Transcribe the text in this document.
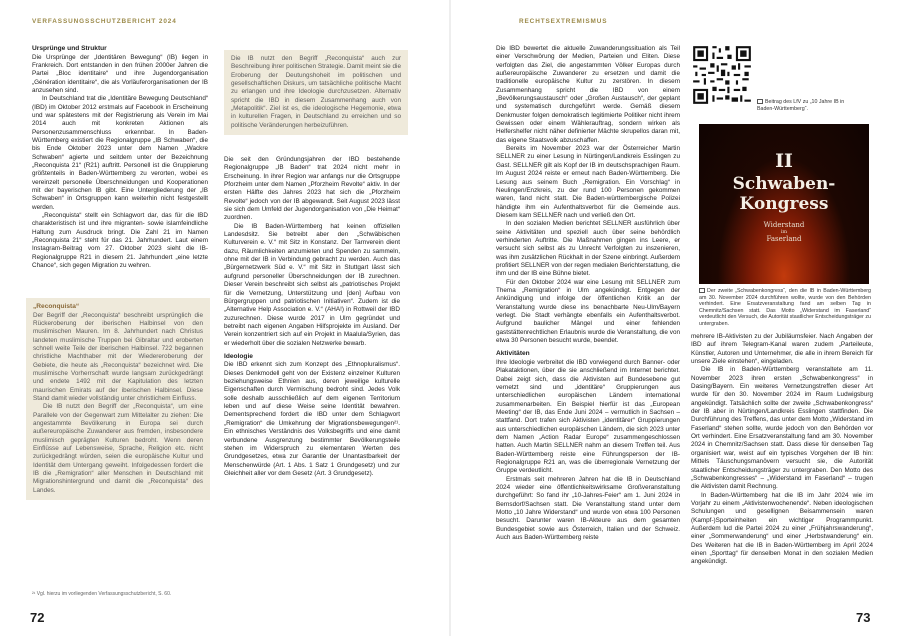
VERFASSUNGSSCHUTZBERICHT 2024
Ursprünge und Struktur

Die Ursprünge der „Identitären Bewegung“ (IB) liegen in Frankreich. Dort entstanden in den frühen 2000er Jahren die Partei „Bloc identitaire“ und ihre Jugendorganisation „Génération identitaire“, die als Vorläuferorganisationen der IB anzusehen sind.

In Deutschland trat die „Identitäre Bewegung Deutschland“ (IBD) im Oktober 2012 erstmals auf Facebook in Erscheinung und war spätestens mit der Registrierung als Verein im Mai 2014 auch mit konkreten Aktionen als Personenzusammenschluss erkennbar. In Baden-Württemberg existiert die Regionalgruppe „IB Schwaben“, die bis Ende Oktober 2023 unter dem Namen „Wackre Schwaben“ agierte und seitdem unter der Bezeichnung „Reconquista 21“ (R21) auftritt. Personell ist die Gruppierung größtenteils in Baden-Württemberg zu verorten, wobei es vereinzelt personelle Überschneidungen und Kooperationen mit der bayerischen IB gibt. Eine Untergliederung der „IB Schwaben“ in Ortsgruppen kann weiterhin nicht festgestellt werden.

„Reconquista“ stellt ein Schlagwort dar, das für die IBD charakteristisch ist und ihre migranten- sowie islamfeindliche Haltung zum Ausdruck bringt. Die Zahl 21 im Namen „Reconquista 21“ steht für das 21. Jahrhundert. Laut einem Instagram-Beitrag vom 27. Oktober 2023 sieht die IB-Regionalgruppe R21 in diesem 21. Jahrhundert „eine letzte Chance“, sich gegen Migration zu wehren.

„Reconquista“

Der Begriff der „Reconquista“ beschreibt ursprünglich die Rückeroberung der iberischen Halbinsel von den muslimischen Mauren. Im 8. Jahrhundert nach Christus landeten muslimische Truppen bei Gibraltar und eroberten schnell weite Teile der iberischen Halbinsel. 722 begannen christliche Machthaber mit der Wiedereroberung der Gebiete, die heute als „Reconquista“ bezeichnet wird. Die muslimische Vorherrschaft wurde langsam zurückgedrängt und endete 1492 mit der Kapitulation des letzten maurischen Emirats auf der iberischen Halbinsel. Diese Stand damit wieder vollständig unter christlichem Einfluss.

Die IB nutzt den Begriff der „Reconquista“, um eine Parallele von der Gegenwart zum Mittelalter zu ziehen: Die angestammte Bevölkerung in Europa sei durch außereuropäische Zuwanderer aus fremden, insbesondere muslimisch geprägten Kulturen bedroht. Wenn deren Einflüsse auf Lebensweise, Sprache, Religion etc. nicht zurückgedrängt würden, seien die europäische Kultur und Identität dem Untergang geweiht. Infolgedessen fordert die IB die „Remigration“ aller Menschen in Deutschland mit Migrationshintergrund und damit die „Reconquista“ des Landes.

Die IB nutzt den Begriff „Reconquista“ auch zur Beschreibung ihrer politischen Strategie. Damit meint sie die Eroberung der Deutungshoheit im politischen und gesellschaftlichen Diskurs, um tatsächliche politische Macht zu erlangen und ihre Ideologie durchzusetzen. Alternativ spricht die IBD in diesem Zusammenhang auch von „Metapolitik“. Ziel ist es, die ideologische Hegemonie, etwa in kulturellen Fragen, in Deutschland zu erreichen und so politische Veränderungen herbeizuführen.

Die seit den Gründungsjahren der IBD bestehende Regionalgruppe „IB Baden“ trat 2024 nicht mehr in Erscheinung. In ihrer Region war anfangs nur die Ortsgruppe Pforzheim unter dem Namen „Pforzheim Revolte“ aktiv. In der ersten Hälfte des Jahres 2023 hat sich die „Pforzheim Revolte“ jedoch von der IB abgewandt. Seit August 2023 lässt sie sich dem Umfeld der Jugendorganisation von „Die Heimat“ zuordnen.

Die IB Baden-Württemberg hat keinen offiziellen Landesdsitz. Sie betreibt aber den „Schwäbischen Kulturverein e. V.“ mit Sitz in Konstanz. Der Tarnverein dient dazu, Räumlichkeiten anzumieten und Spenden zu sammeln, ohne mit der IB in Verbindung gebracht zu werden. Auch das „Bürgernetzwerk Süd e. V.“ mit Sitz in Stuttgart lässt sich aufgrund personeller Überschneidungen der IB zurechnen. Dieser Verein beschreibt sich selbst als „patriotisches Projekt für die Vernetzung, Unterstützung und [den] Aufbau von Bürgergruppen und patriotischen Initiativen“. Zudem ist die „Alternative Help Association e. V.“ (AHA!) in Rottweil der IBD zuzurechnen. Diese wurde 2017 in Ulm gegründet und betreibt nach eigenen Angaben Hilfsprojekte im Ausland. Der Verein konzentriert sich auf ein Projekt in Maalula/Syrien, das er wiederholt über die sozialen Netzwerke bewarb.

Ideologie

Die IBD erkennt sich zum Konzept des „Ethnopluralismus“. Dieses Denkmodell geht von der Existenz einzelner Kulturen beziehungsweise Ethnien aus, deren jeweilige kulturelle Eigenschaften durch Vermischung bedroht sind. Jedes Volk solle deshalb ausschließlich auf dem eigenen Territorium leben und auf diese Weise seine Identität bewahren. Dementsprechend fordert die IBD unter dem Schlagwort „Remigration“ die Umkehrung der Migrationsbewegungen²¹. Ein ethnisches Verständnis des Volksbegriffs und eine damit verbundene Ausgrenzung bestimmter Bevölkerungsteile stehen im Widerspruch zu elementaren Werten des Grundgesetzes, etwa zur Garantie der Unantastbarkeit der Menschenwürde (Art. 1 Abs. 1 Satz 1 Grundgesetz) und zur Gleichheit aller vor dem Gesetz (Art. 3 Grundgesetz).

²¹ Vgl. hierzu im vorliegenden Verfassungsschutzbericht, S. 60.
72
RECHTSEXTREMISMUS

Die IBD bewertet die aktuelle Zuwanderungssituation als Teil einer Verschwörung der Medien, Parteien und Eliten. Diese verfolgten das Ziel, die angestammten Völker Europas durch außereuropäische Zuwanderer zu ersetzen und damit die traditionelle europäische Kultur zu zerstören. In diesem Zusammenhang spricht die IBD von einem „Bevölkerungsaustausch“ oder „Großen Austausch“, der geplant und systematisch durchgeführt werde. Gemäß diesem Denkmuster folgen demokratisch legitimierte Politiker nicht ihrem Gewissen oder einem Wählerauftrag, sondern wirken als Helfershelfer nicht näher definierter Mächte skrupellos daran mit, das eigene Staatsvolk abzuschaffen.

Bereits im November 2023 war der Österreicher Martin SELLNER zu einer Lesung in Nürtingen/Landkreis Esslingen zu Gast. SELLNER gilt als Kopf der IB im deutschsprachigen Raum. Im August 2024 reiste er erneut nach Baden-Württemberg. Die Lesung aus seinem Buch „Remigration. Ein Vorschlag“ in Neulingen/Enzkreis, zu der rund 100 Personen gekommen waren, fand nicht statt. Die Baden-württembergische Polizei händigte ihm ein Aufenthaltsverbot für die Gemeinde aus. Diesem kam SELLNER nach und verließ den Ort.

In den sozialen Medien berichtet SELLNER ausführlich über seine Aktivitäten und speziell auch über seine behördlich verhinderten Auftritte. Die Maßnahmen gingen ins Leere, er versucht sich selbst als zu Unrecht Verfolgten zu inszenieren, was ihm zusätzlichen Rückhalt in der Szene einbringt. Außerdem profitiert SELLNER von der regen medialen Berichterstattung, die ihm und der IB eine Bühne bietet.

Für den Oktober 2024 war eine Lesung mit SELLNER zum Thema „Remigration“ in Ulm angekündigt. Entgegen der Ankündigung und infolge der öffentlichen Kritik an der Veranstaltung wurde diese ins benachbarte Neu-Ulm/Bayern verlegt. Die Stadt verhängte ebenfalls ein Aufenthaltsverbot. Aufgrund baulicher Mängel und einer fehlenden gaststättenrechtlichen Erlaubnis wurde die Veranstaltung, die von etwa 30 Personen besucht wurde, beendet.

Aktivitäten

Ihre Ideologie verbreitet die IBD vorwiegend durch Banner- oder Plakataktionen, über die sie anschließend im Internet berichtet. Dabei zeigt sich, dass die Aktivisten auf Bundesebene gut vernetzt sind und „identitäre“ Gruppierungen aus unterschiedlichen europäischen Ländern international zusammenarbeiten. Ein Beispiel hierfür ist das „European Meeting“ der IB, das Ende Juni 2024 – vermutlich in Sachsen – stattfand. Dort trafen sich Aktivisten „identitärer“ Gruppierungen aus unterschiedlichen europäischen Ländern, die sich 2023 unter dem Namen „Action Radar Europe“ zusammengeschlossen hatten. Auch Martin SELLNER nahm an diesem Treffen teil. Aus Baden-Württemberg reiste eine Führungsperson der IB-Regionalgruppe R21 an, was die überregionale Vernetzung der Gruppe verdeutlicht.

Erstmals seit mehreren Jahren hat die IB in Deutschland 2024 wieder eine öffentlichkeitswirksame Großveranstaltung durchgeführt: So fand ihr „10-Jahres-Feier“ am 1. Juni 2024 in Bernsdorf/Sachsen statt. Die Veranstaltung stand unter dem Motto „10 Jahre Widerstand“ und wurde von etwa 100 Personen besucht. Darunter waren IB-Akteure aus dem gesamten Bundesgebiet sowie aus Österreich, Italien und der Schweiz. Auch aus Baden-Württemberg reiste

Beitrag des LfV zu „10 Jahre IB in Baden-Württemberg“.
II
Schwaben-
Kongress
Widerstand
im
Faserland
Der zweite „Schwabenkongress“, den die IB in Baden-Württemberg am 30. November 2024 durchführen wollte, wurde von den Behörden verhindert. Eine Ersatzveranstaltung fand am selben Tag in Chemnitz/Sachsen statt. Das Motto „Widerstand im Faserland“ verdeutlicht den Versuch, die Autorität staatlicher Entscheidungsträger zu untergraben.

mehrere IB-Aktivisten zu der Jubiläumsfeier. Nach Angaben der IBD auf ihrem Telegram-Kanal waren zudem „Parteileute, Künstler, Autoren und Unternehmer, die alle in ihrem Bereich für unsere Ziele einstehen“, eingeladen.

Die IB in Baden-Württemberg veranstaltete am 11. November 2023 ihren ersten „Schwabenkongress“ in Dasing/Bayern. Ein weiteres Vernetzungstreffen dieser Art wurde für den 30. November 2024 im Raum Ludwigsburg angekündigt. Tatsächlich sollte der zweite „Schwabenkongress“ der IB aber in Nürtingen/Landkreis Esslingen stattfinden. Die Durchführung des Treffens, das unter dem Motto „Widerstand im Faserland“ stehen sollte, wurde jedoch von den Behörden vor Ort verhindert. Eine Ersatzveranstaltung fand am 30. November 2024 in Chemnitz/Sachsen statt. Dass diese für denselben Tag organisiert war, weist auf ein typisches Vorgehen der IB hin: Mittels Täuschungsmanövern versucht sie, die Autorität staatlicher Entscheidungsträger zu untergraben. Den Motto des „Schwabenkongresses“ – „Widerstand im Faserland“ – trugen die Aktivisten damit Rechnung.

In Baden-Württemberg hat die IB im Jahr 2024 wie im Vorjahr zu einem „Aktivistenwochenende“. Neben ideologischen Schulungen und gesellignen Beisammensein waren (Kampf-)Sporteinheiten ein wichtiger Programmpunkt. Außerdem lud die Partei 2024 zu einer „Frühjahrswanderung“, einer „Sommerwanderung“ und einer „Herbstwanderung“ ein. Des Weiteren hat die IB in Baden-Württemberg im April 2024 einen „Sporttag“ für denselben Monat in den sozialen Medien angekündigt.

73
